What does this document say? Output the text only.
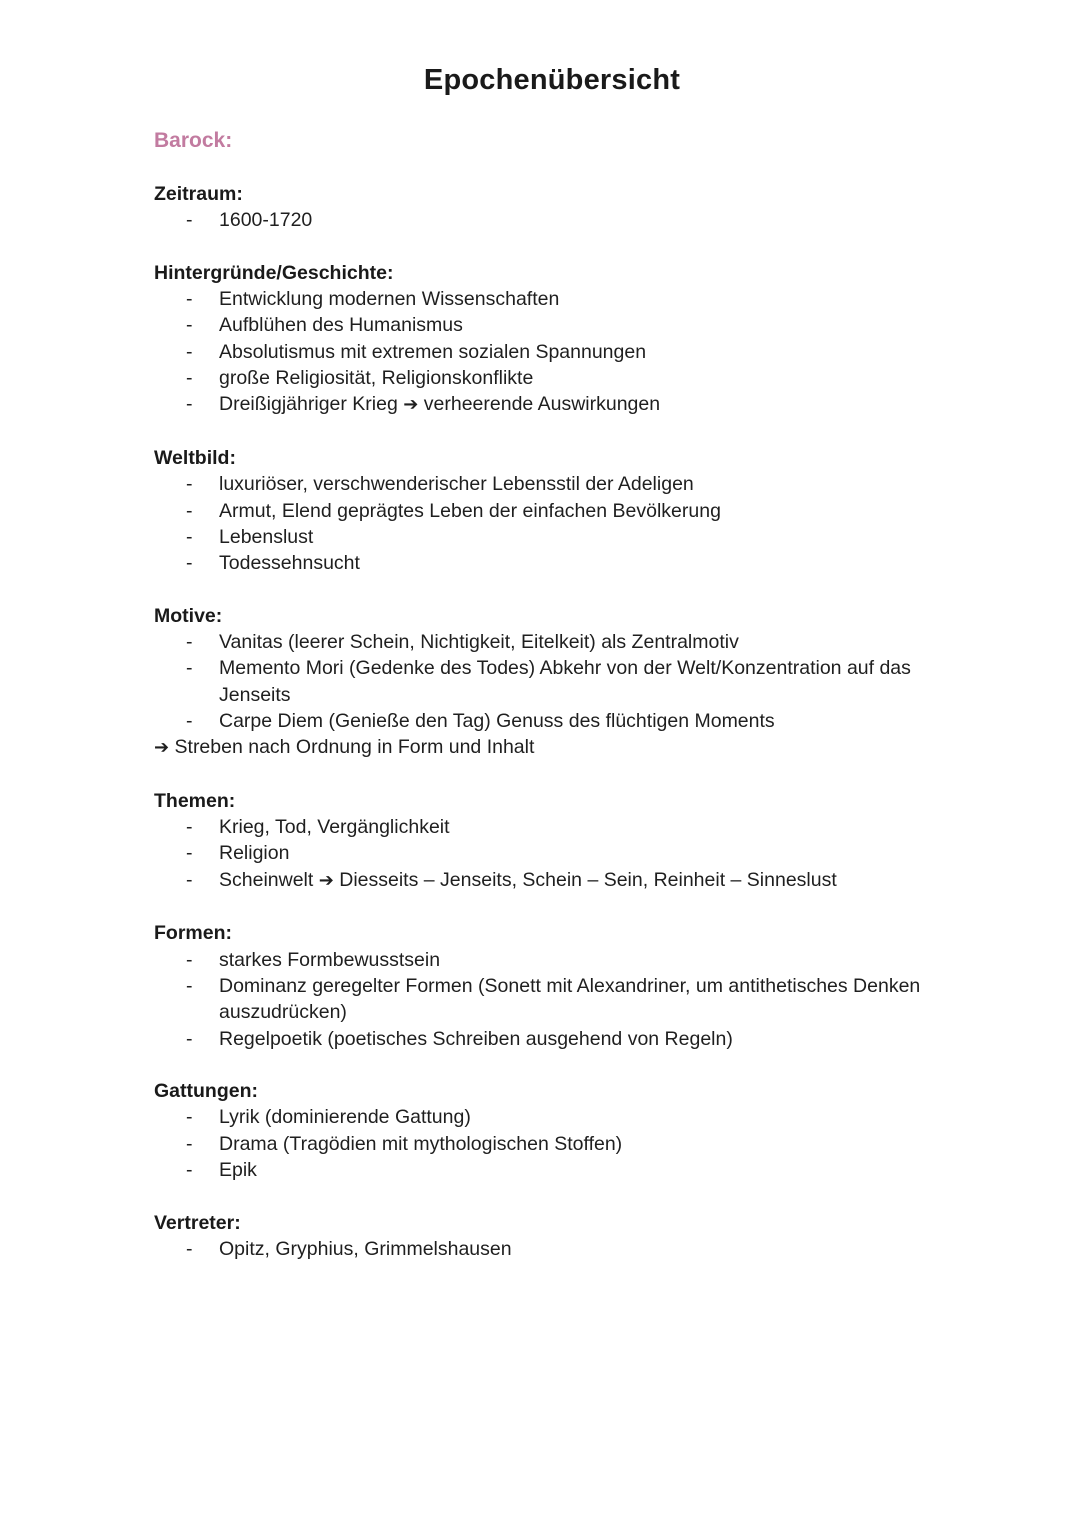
Epochenübersicht
Barock:
Zeitraum:
- 1600-1720
Hintergründe/Geschichte:
- Entwicklung modernen Wissenschaften
- Aufblühen des Humanismus
- Absolutismus mit extremen sozialen Spannungen
- große Religiosität, Religionskonflikte
- Dreißigjähriger Krieg ➔ verheerende Auswirkungen
Weltbild:
- luxuriöser, verschwenderischer Lebensstil der Adeligen
- Armut, Elend geprägtes Leben der einfachen Bevölkerung
- Lebenslust
- Todessehnsucht
Motive:
- Vanitas (leerer Schein, Nichtigkeit, Eitelkeit) als Zentralmotiv
- Memento Mori (Gedenke des Todes) Abkehr von der Welt/Konzentration auf das Jenseits
- Carpe Diem (Genieße den Tag) Genuss des flüchtigen Moments
➔ Streben nach Ordnung in Form und Inhalt
Themen:
- Krieg, Tod, Vergänglichkeit
- Religion
- Scheinwelt ➔ Diesseits – Jenseits, Schein – Sein, Reinheit – Sinneslust
Formen:
- starkes Formbewusstsein
- Dominanz geregelter Formen (Sonett mit Alexandriner, um antithetisches Denken auszudrücken)
- Regelpoetik (poetisches Schreiben ausgehend von Regeln)
Gattungen:
- Lyrik (dominierende Gattung)
- Drama (Tragödien mit mythologischen Stoffen)
- Epik
Vertreter:
- Opitz, Gryphius, Grimmelshausen
